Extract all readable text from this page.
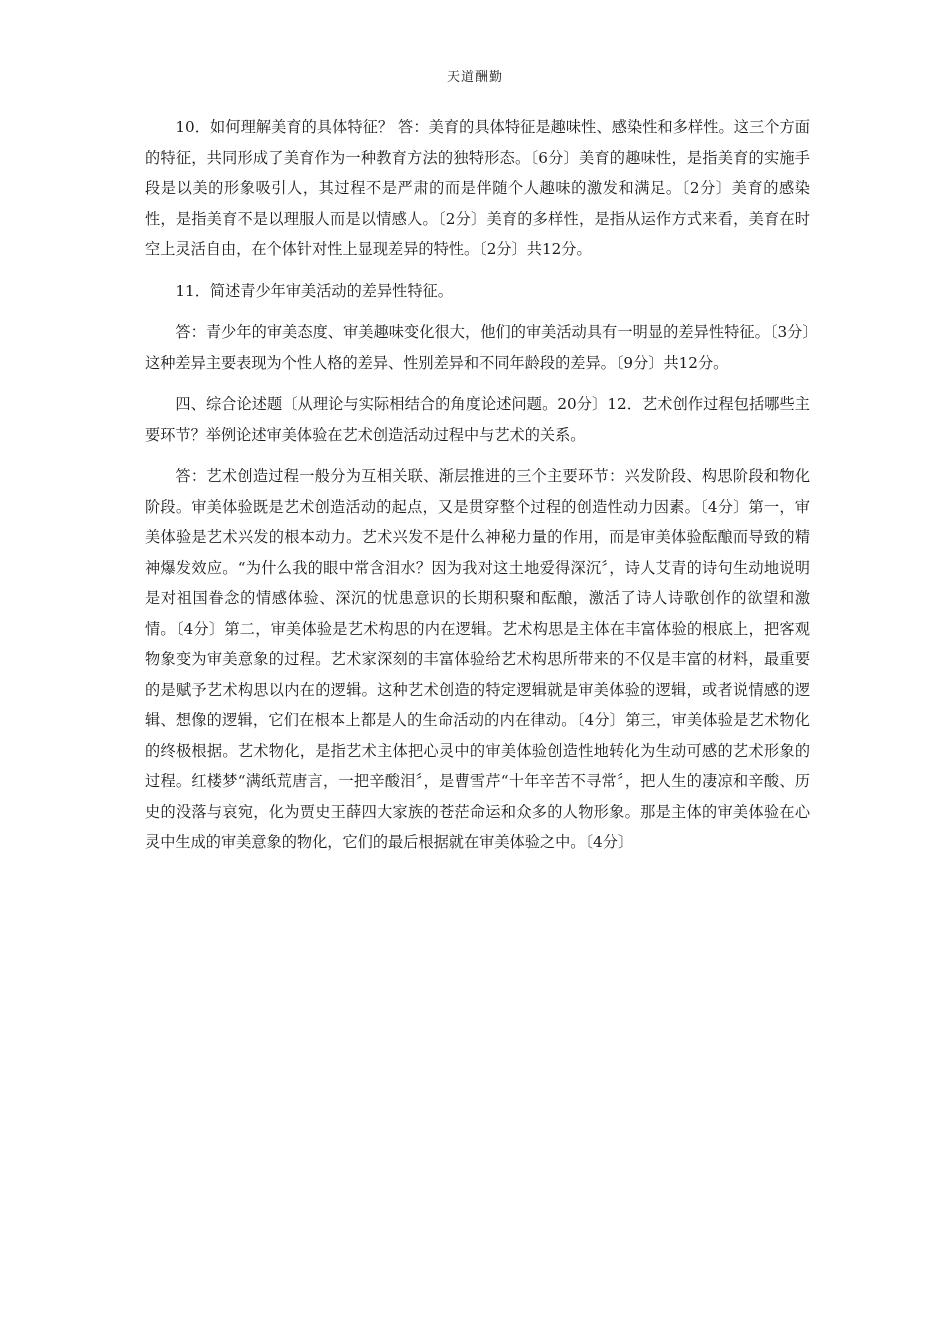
天道酬勤

10．如何理解美育的具体特征？ 答：美育的具体特征是趣味性、感染性和多样性。这三个方面的特征，共同形成了美育作为一种教育方法的独特形态。〔6分〕美育的趣味性，是指美育的实施手段是以美的形象吸引人，其过程不是严肃的而是伴随个人趣味的激发和满足。〔2分〕美育的感染性，是指美育不是以理服人而是以情感人。〔2分〕美育的多样性，是指从运作方式来看，美育在时空上灵活自由，在个体针对性上显现差异的特性。〔2分〕共12分。

11．简述青少年审美活动的差异性特征。

答：青少年的审美态度、审美趣味变化很大，他们的审美活动具有一明显的差异性特征。〔3分〕这种差异主要表现为个性人格的差异、性别差异和不同年龄段的差异。〔9分〕共12分。

四、综合论述题〔从理论与实际相结合的角度论述问题。20分〕12．艺术创作过程包括哪些主要环节？举例论述审美体验在艺术创造活动过程中与艺术的关系。

答：艺术创造过程一般分为互相关联、渐层推进的三个主要环节：兴发阶段、构思阶段和物化阶段。审美体验既是艺术创造活动的起点，又是贯穿整个过程的创造性动力因素。〔4分〕第一，审美体验是艺术兴发的根本动力。艺术兴发不是什么神秘力量的作用，而是审美体验酝酿而导致的精神爆发效应。“为什么我的眼中常含泪水？因为我对这土地爱得深沉〞，诗人艾青的诗句生动地说明是对祖国眷念的情感体验、深沉的忧患意识的长期积聚和酝酿，激活了诗人诗歌创作的欲望和激情。〔4分〕第二，审美体验是艺术构思的内在逻辑。艺术构思是主体在丰富体验的根底上，把客观物象变为审美意象的过程。艺术家深刻的丰富体验给艺术构思所带来的不仅是丰富的材料，最重要的是赋予艺术构思以内在的逻辑。这种艺术创造的特定逻辑就是审美体验的逻辑，或者说情感的逻辑、想像的逻辑，它们在根本上都是人的生命活动的内在律动。〔4分〕第三，审美体验是艺术物化的终极根据。艺术物化，是指艺术主体把心灵中的审美体验创造性地转化为生动可感的艺术形象的过程。红楼梦“满纸荒唐言，一把辛酸泪〞，是曹雪芹“十年辛苦不寻常〞，把人生的凄凉和辛酸、历史的没落与哀宛，化为贾史王薛四大家族的苍茫命运和众多的人物形象。那是主体的审美体验在心灵中生成的审美意象的物化，它们的最后根据就在审美体验之中。〔4分〕
